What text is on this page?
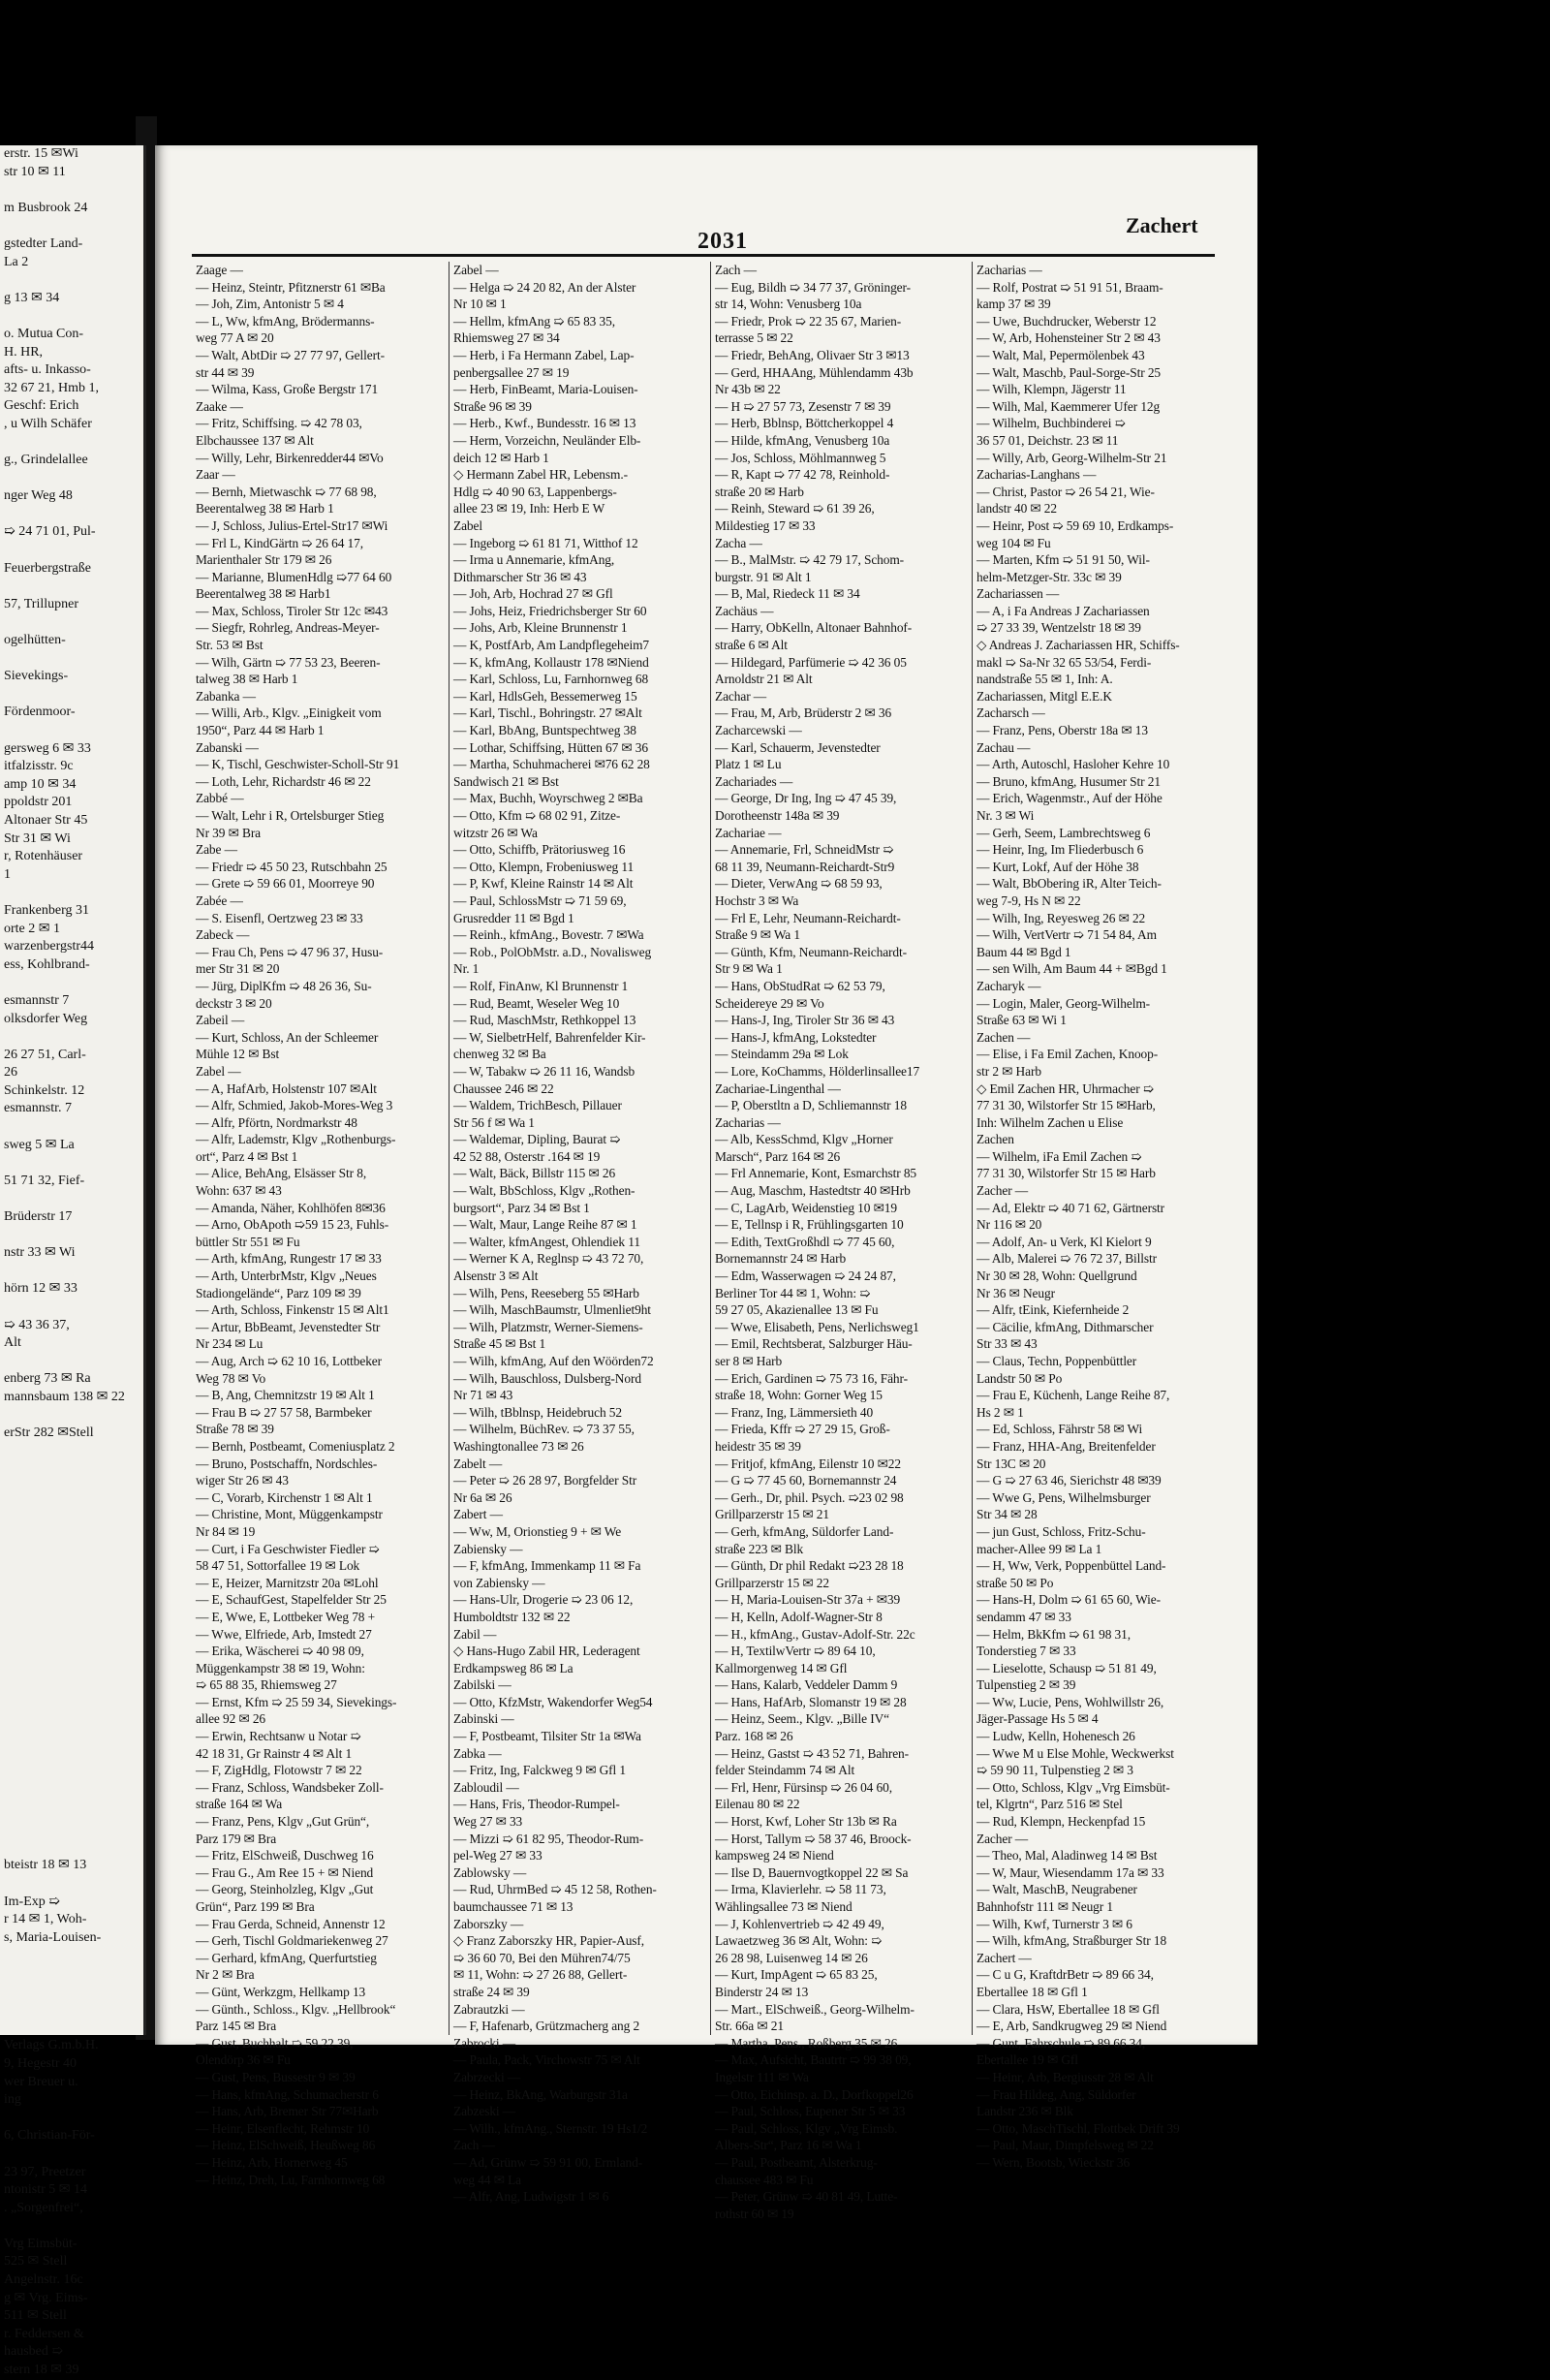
erstr. 15 ✉Wi
str 10 ✉ 11

m Busbrook 24

gstedter Land-
La 2

g 13 ✉ 34

o. Mutua Con-
H. HR,
afts- u. Inkasso-
32 67 21, Hmb 1,
Geschf: Erich
, u Wilh Schäfer

g., Grindelallee

nger Weg 48

➯ 24 71 01, Pul-

Feuerbergstraße

57, Trillupner

ogelhütten-

Sievekings-

Fördenmoor-

gersweg 6 ✉ 33
itfalzisstr. 9c
amp 10 ✉ 34
ppoldstr 201
Altonaer Str 45
Str 31 ✉ Wi
r, Rotenhäuser
1

Frankenberg 31
orte 2 ✉ 1
warzenbergstr44
ess, Kohlbrand-

esmannstr 7
olksdorfer Weg

26 27 51, Carl-
26
Schinkelstr. 12
esmannstr. 7

sweg 5 ✉ La

51 71 32, Fief-

Brüderstr 17

nstr 33 ✉ Wi

hörn 12 ✉ 33

➯ 43 36 37,
Alt

enberg 73 ✉ Ra
mannsbaum 138 ✉ 22

erStr 282 ✉Stell

bteistr 18 ✉ 13

Im-Exp ➯
r 14 ✉ 1, Woh-
s, Maria-Louisen-

Verlags G.m.b.H.
9, Hegestr 40
wer Breuer u.
ing

6, Christian-För-

23 97, Preetzer
ntonistr 5 ✉ 14
. „Sorgenfrei“,

Vrg Eimsbüt-
525 ✉ Stell
Angelnstr. 16c
g ✉ Vrg. Eims-
511 ✉ Stell
r. Feddersen &
hausbed ➯
stern 18 ✉ 39
2031
Zachert
Zaage —
— Heinz, Steintr, Pfitznerstr 61 ✉Ba
— Joh, Zim, Antonistr 5 ✉ 4
— L, Ww, kfmAng, Brödermanns-
weg 77 A ✉ 20
— Walt, AbtDir ➯ 27 77 97, Gellert-
str 44 ✉ 39
— Wilma, Kass, Große Bergstr 171
Zaake —
— Fritz, Schiffsing. ➯ 42 78 03,
Elbchaussee 137 ✉ Alt
— Willy, Lehr, Birkenredder44 ✉Vo
Zaar —
— Bernh, Mietwaschk ➯ 77 68 98,
Beerentalweg 38 ✉ Harb 1
— J, Schloss, Julius-Ertel-Str17 ✉Wi
— Frl L, KindGärtn ➯ 26 64 17,
Marienthaler Str 179 ✉ 26
— Marianne, BlumenHdlg ➯77 64 60
Beerentalweg 38 ✉ Harb1
— Max, Schloss, Tiroler Str 12c ✉43
— Siegfr, Rohrleg, Andreas-Meyer-
Str. 53 ✉ Bst
— Wilh, Gärtn ➯ 77 53 23, Beeren-
talweg 38 ✉ Harb 1
Zabanka —
— Willi, Arb., Klgv. „Einigkeit vom
1950“, Parz 44 ✉ Harb 1
Zabanski —
— K, Tischl, Geschwister-Scholl-Str 91
— Loth, Lehr, Richardstr 46 ✉ 22
Zabbé —
— Walt, Lehr i R, Ortelsburger Stieg
Nr 39 ✉ Bra
Zabe —
— Friedr ➯ 45 50 23, Rutschbahn 25
— Grete ➯ 59 66 01, Moorreye 90
Zabée —
— S. Eisenfl, Oertzweg 23 ✉ 33
Zabeck —
— Frau Ch, Pens ➯ 47 96 37, Husu-
mer Str 31 ✉ 20
— Jürg, DiplKfm ➯ 48 26 36, Su-
deckstr 3 ✉ 20
Zabeil —
— Kurt, Schloss, An der Schleemer
Mühle 12 ✉ Bst
Zabel —
— A, HafArb, Holstenstr 107 ✉Alt
— Alfr, Schmied, Jakob-Mores-Weg 3
— Alfr, Pförtn, Nordmarkstr 48
— Alfr, Lademstr, Klgv „Rothenburgs-
ort“, Parz 4 ✉ Bst 1
— Alice, BehAng, Elsässer Str 8,
Wohn: 637 ✉ 43
— Amanda, Näher, Kohlhöfen 8✉36
— Arno, ObApoth ➯59 15 23, Fuhls-
büttler Str 551 ✉ Fu
— Arth, kfmAng, Rungestr 17 ✉ 33
— Arth, UnterbrMstr, Klgv „Neues
Stadiongelände“, Parz 109 ✉ 39
— Arth, Schloss, Finkenstr 15 ✉ Alt1
— Artur, BbBeamt, Jevenstedter Str
Nr 234 ✉ Lu
— Aug, Arch ➯ 62 10 16, Lottbeker
Weg 78 ✉ Vo
— B, Ang, Chemnitzstr 19 ✉ Alt 1
— Frau B ➯ 27 57 58, Barmbeker
Straße 78 ✉ 39
— Bernh, Postbeamt, Comeniusplatz 2
— Bruno, Postschaffn, Nordschles-
wiger Str 26 ✉ 43
— C, Vorarb, Kirchenstr 1 ✉ Alt 1
— Christine, Mont, Müggenkampstr
Nr 84 ✉ 19
— Curt, i Fa Geschwister Fiedler ➯
58 47 51, Sottorfallee 19 ✉ Lok
— E, Heizer, Marnitzstr 20a ✉Lohl
— E, SchaufGest, Stapelfelder Str 25
— E, Wwe, E, Lottbeker Weg 78 +
— Wwe, Elfriede, Arb, Imstedt 27
— Erika, Wäscherei ➯ 40 98 09,
Müggenkampstr 38 ✉ 19, Wohn:
➯ 65 88 35, Rhiemsweg 27
— Ernst, Kfm ➯ 25 59 34, Sievekings-
allee 92 ✉ 26
— Erwin, Rechtsanw u Notar ➯
42 18 31, Gr Rainstr 4 ✉ Alt 1
— F, ZigHdlg, Flotowstr 7 ✉ 22
— Franz, Schloss, Wandsbeker Zoll-
straße 164 ✉ Wa
— Franz, Pens, Klgv „Gut Grün“,
Parz 179 ✉ Bra
— Fritz, ElSchweiß, Duschweg 16
— Frau G., Am Ree 15 + ✉ Niend
— Georg, Steinholzleg, Klgv „Gut
Grün“, Parz 199 ✉ Bra
— Frau Gerda, Schneid, Annenstr 12
— Gerh, Tischl Goldmariekenweg 27
— Gerhard, kfmAng, Querfurtstieg
Nr 2 ✉ Bra
— Günt, Werkzgm, Hellkamp 13
— Günth., Schloss., Klgv. „Hellbrook“
Parz 145 ✉ Bra
— Gust, Buchhalt ➯ 59 22 39,
Olendörp 36 ✉ Fu
— Gust, Pens, Bussestr 9 ✉ 39
— Hans, kfmAng, Schumacherstr 6
— Hans, Arb, Bremer Str 77✉Harb
— Heinr, Elsenflecht, Rehmstr 10
— Heinz, ElSchweiß, Heußweg 86
— Heinz, Arb, Hornerweg 45
— Heinz, Dreh, Lu, Farnhornweg 68
Zabel —
— Helga ➯ 24 20 82, An der Alster
Nr 10 ✉ 1
— Hellm, kfmAng ➯ 65 83 35,
Rhiemsweg 27 ✉ 34
— Herb, i Fa Hermann Zabel, Lap-
penbergsallee 27 ✉ 19
— Herb, FinBeamt, Maria-Louisen-
Straße 96 ✉ 39
— Herb., Kwf., Bundesstr. 16 ✉ 13
— Herm, Vorzeichn, Neuländer Elb-
deich 12 ✉ Harb 1
◇ Hermann Zabel HR, Lebensm.-
Hdlg ➯ 40 90 63, Lappenbergs-
allee 23 ✉ 19, Inh: Herb E W
Zabel
— Ingeborg ➯ 61 81 71, Witthof 12
— Irma u Annemarie, kfmAng,
Dithmarscher Str 36 ✉ 43
— Joh, Arb, Hochrad 27 ✉ Gfl
— Johs, Heiz, Friedrichsberger Str 60
— Johs, Arb, Kleine Brunnenstr 1
— K, PostfArb, Am Landpflegeheim7
— K, kfmAng, Kollaustr 178 ✉Niend
— Karl, Schloss, Lu, Farnhornweg 68
— Karl, HdlsGeh, Bessemerweg 15
— Karl, Tischl., Bohringstr. 27 ✉Alt
— Karl, BbAng, Buntspechtweg 38
— Lothar, Schiffsing, Hütten 67 ✉ 36
— Martha, Schuhmacherei ✉76 62 28
Sandwisch 21 ✉ Bst
— Max, Buchh, Woyrschweg 2 ✉Ba
— Otto, Kfm ➯ 68 02 91, Zitze-
witzstr 26 ✉ Wa
— Otto, Schiffb, Prätoriusweg 16
— Otto, Klempn, Frobeniusweg 11
— P, Kwf, Kleine Rainstr 14 ✉ Alt
— Paul, SchlossMstr ➯ 71 59 69,
Grusredder 11 ✉ Bgd 1
— Reinh., kfmAng., Bovestr. 7 ✉Wa
— Rob., PolObMstr. a.D., Novalisweg
Nr. 1
— Rolf, FinAnw, Kl Brunnenstr 1
— Rud, Beamt, Weseler Weg 10
— Rud, MaschMstr, Rethkoppel 13
— W, SielbetrHelf, Bahrenfelder Kir-
chenweg 32 ✉ Ba
— W, Tabakw ➯ 26 11 16, Wandsb
Chaussee 246 ✉ 22
— Waldem, TrichBesch, Pillauer
Str 56 f ✉ Wa 1
— Waldemar, Dipling, Baurat ➯
42 52 88, Osterstr .164 ✉ 19
— Walt, Bäck, Billstr 115 ✉ 26
— Walt, BbSchloss, Klgv „Rothen-
burgsort“, Parz 34 ✉ Bst 1
— Walt, Maur, Lange Reihe 87 ✉ 1
— Walter, kfmAngest, Ohlendiek 11
— Werner K A, Reglnsp ➯ 43 72 70,
Alsenstr 3 ✉ Alt
— Wilh, Pens, Reeseberg 55 ✉Harb
— Wilh, MaschBaumstr, Ulmenliet9ht
— Wilh, Platzmstr, Werner-Siemens-
Straße 45 ✉ Bst 1
— Wilh, kfmAng, Auf den Wöörden72
— Wilh, Bauschloss, Dulsberg-Nord
Nr 71 ✉ 43
— Wilh, tBblnsp, Heidebruch 52
— Wilhelm, BüchRev. ➯ 73 37 55,
Washingtonallee 73 ✉ 26
Zabelt —
— Peter ➯ 26 28 97, Borgfelder Str
Nr 6a ✉ 26
Zabert —
— Ww, M, Orionstieg 9 + ✉ We
Zabiensky —
— F, kfmAng, Immenkamp 11 ✉ Fa
von Zabiensky —
— Hans-Ulr, Drogerie ➯ 23 06 12,
Humboldtstr 132 ✉ 22
Zabil —
◇ Hans-Hugo Zabil HR, Lederagent
Erdkampsweg 86 ✉ La
Zabilski —
— Otto, KfzMstr, Wakendorfer Weg54
Zabinski —
— F, Postbeamt, Tilsiter Str 1a ✉Wa
Zabka —
— Fritz, Ing, Falckweg 9 ✉ Gfl 1
Zabloudil —
— Hans, Fris, Theodor-Rumpel-
Weg 27 ✉ 33
— Mizzi ➯ 61 82 95, Theodor-Rum-
pel-Weg 27 ✉ 33
Zablowsky —
— Rud, UhrmBed ➯ 45 12 58, Rothen-
baumchaussee 71 ✉ 13
Zaborszky —
◇ Franz Zaborszky HR, Papier-Ausf,
➯ 36 60 70, Bei den Mühren74/75
✉ 11, Wohn: ➯ 27 26 88, Gellert-
straße 24 ✉ 39
Zabrautzki —
— F, Hafenarb, Grützmacherg ang 2
Zabrocki —
— Paula, Pack, Virchowstr 75 ✉ Alt
Zabrzecki —
— Heinz, BkAng, Warburgstr 31a
Zabzeski —
— Wilh., kfmAng., Sternstr. 19 Hs1/2
Zach —
— Ad, Grünw ➯ 59 91 00, Ermland-
weg 44 ✉ La
— Alfr, Ang, Ludwigstr 1 ✉ 6
Zach —
— Eug, Bildh ➯ 34 77 37, Gröninger-
str 14, Wohn: Venusberg 10a
— Friedr, Prok ➯ 22 35 67, Marien-
terrasse 5 ✉ 22
— Friedr, BehAng, Olivaer Str 3 ✉13
— Gerd, HHAAng, Mühlendamm 43b
Nr 43b ✉ 22
— H ➯ 27 57 73, Zesenstr 7 ✉ 39
— Herb, Bblnsp, Böttcherkoppel 4
— Hilde, kfmAng, Venusberg 10a
— Jos, Schloss, Möhlmannweg 5
— R, Kapt ➯ 77 42 78, Reinhold-
straße 20 ✉ Harb
— Reinh, Steward ➯ 61 39 26,
Mildestieg 17 ✉ 33
Zacha —
— B., MalMstr. ➯ 42 79 17, Schom-
burgstr. 91 ✉ Alt 1
— B, Mal, Riedeck 11 ✉ 34
Zachäus —
— Harry, ObKelln, Altonaer Bahnhof-
straße 6 ✉ Alt
— Hildegard, Parfümerie ➯ 42 36 05
Arnoldstr 21 ✉ Alt
Zachar —
— Frau, M, Arb, Brüderstr 2 ✉ 36
Zacharcewski —
— Karl, Schauerm, Jevenstedter
Platz 1 ✉ Lu
Zachariades —
— George, Dr Ing, Ing ➯ 47 45 39,
Dorotheenstr 148a ✉ 39
Zachariae —
— Annemarie, Frl, SchneidMstr ➯
68 11 39, Neumann-Reichardt-Str9
— Dieter, VerwAng ➯ 68 59 93,
Hochstr 3 ✉ Wa
— Frl E, Lehr, Neumann-Reichardt-
Straße 9 ✉ Wa 1
— Günth, Kfm, Neumann-Reichardt-
Str 9 ✉ Wa 1
— Hans, ObStudRat ➯ 62 53 79,
Scheidereye 29 ✉ Vo
— Hans-J, Ing, Tiroler Str 36 ✉ 43
— Hans-J, kfmAng, Lokstedter
— Steindamm 29a ✉ Lok
— Lore, KoChamms, Hölderlinsallee17
Zachariae-Lingenthal —
— P, Oberstltn a D, Schliemannstr 18
Zacharias —
— Alb, KessSchmd, Klgv „Horner
Marsch“, Parz 164 ✉ 26
— Frl Annemarie, Kont, Esmarchstr 85
— Aug, Maschm, Hastedtstr 40 ✉Hrb
— C, LagArb, Weidenstieg 10 ✉19
— E, Tellnsp i R, Frühlingsgarten 10
— Edith, TextGroßhdl ➯ 77 45 60,
Bornemannstr 24 ✉ Harb
— Edm, Wasserwagen ➯ 24 24 87,
Berliner Tor 44 ✉ 1, Wohn: ➯
59 27 05, Akazienallee 13 ✉ Fu
— Wwe, Elisabeth, Pens, Nerlichsweg1
— Emil, Rechtsberat, Salzburger Häu-
ser 8 ✉ Harb
— Erich, Gardinen ➯ 75 73 16, Fähr-
straße 18, Wohn: Gorner Weg 15
— Franz, Ing, Lämmersieth 40
— Frieda, Kffr ➯ 27 29 15, Groß-
heidestr 35 ✉ 39
— Fritjof, kfmAng, Eilenstr 10 ✉22
— G ➯ 77 45 60, Bornemannstr 24
— Gerh., Dr, phil. Psych. ➯23 02 98
Grillparzerstr 15 ✉ 21
— Gerh, kfmAng, Süldorfer Land-
straße 223 ✉ Blk
— Günth, Dr phil Redakt ➯23 28 18
Grillparzerstr 15 ✉ 22
— H, Maria-Louisen-Str 37a + ✉39
— H, Kelln, Adolf-Wagner-Str 8
— H., kfmAng., Gustav-Adolf-Str. 22c
— H, TextilwVertr ➯ 89 64 10,
Kallmorgenweg 14 ✉ Gfl
— Hans, Kalarb, Veddeler Damm 9
— Hans, HafArb, Slomanstr 19 ✉ 28
— Heinz, Seem., Klgv. „Bille IV“
Parz. 168 ✉ 26
— Heinz, Gastst ➯ 43 52 71, Bahren-
felder Steindamm 74 ✉ Alt
— Frl, Henr, Fürsinsp ➯ 26 04 60,
Eilenau 80 ✉ 22
— Horst, Kwf, Loher Str 13b ✉ Ra
— Horst, Tallym ➯ 58 37 46, Broock-
kampsweg 24 ✉ Niend
— Ilse D, Bauernvogtkoppel 22 ✉ Sa
— Irma, Klavierlehr. ➯ 58 11 73,
Wählingsallee 73 ✉ Niend
— J, Kohlenvertrieb ➯ 42 49 49,
Lawaetzweg 36 ✉ Alt, Wohn: ➯
26 28 98, Luisenweg 14 ✉ 26
— Kurt, ImpAgent ➯ 65 83 25,
Binderstr 24 ✉ 13
— Mart., ElSchweiß., Georg-Wilhelm-
Str. 66a ✉ 21
— Martha, Pens., Roßberg 35 ✉ 26
— Max, Aufsicht, Bautrtr ➯ 99 38 09,
Ingelstr 111 ✉ Wa
— Otto, Eichinsp. a. D., Dorfkoppel26
— Paul, Schloss, Eupener Str 5 ✉ 33
— Paul, Schloss, Klgv „Vrg Eimsb.
Albers-Str“, Parz 16 ✉ Wa 1
— Paul, Postbeamt, Alsterkrug-
chaussee 483 ✉ Fu
— Peter, Grünw ➯ 40 81 49, Lutte-
rothstr 60 ✉ 19
Zacharias —
— Rolf, Postrat ➯ 51 91 51, Braam-
kamp 37 ✉ 39
— Uwe, Buchdrucker, Weberstr 12
— W, Arb, Hohensteiner Str 2 ✉ 43
— Walt, Mal, Pepermölenbek 43
— Walt, Maschb, Paul-Sorge-Str 25
— Wilh, Klempn, Jägerstr 11
— Wilh, Mal, Kaemmerer Ufer 12g
— Wilhelm, Buchbinderei ➯
36 57 01, Deichstr. 23 ✉ 11
— Willy, Arb, Georg-Wilhelm-Str 21
Zacharias-Langhans —
— Christ, Pastor ➯ 26 54 21, Wie-
landstr 40 ✉ 22
— Heinr, Post ➯ 59 69 10, Erdkamps-
weg 104 ✉ Fu
— Marten, Kfm ➯ 51 91 50, Wil-
helm-Metzger-Str. 33c ✉ 39
Zachariassen —
— A, i Fa Andreas J Zachariassen
➯ 27 33 39, Wentzelstr 18 ✉ 39
◇ Andreas J. Zachariassen HR, Schiffs-
makl ➯ Sa-Nr 32 65 53/54, Ferdi-
nandstraße 55 ✉ 1, Inh: A.
Zachariassen, Mitgl E.E.K
Zacharsch —
— Franz, Pens, Oberstr 18a ✉ 13
Zachau —
— Arth, Autoschl, Hasloher Kehre 10
— Bruno, kfmAng, Husumer Str 21
— Erich, Wagenmstr., Auf der Höhe
Nr. 3 ✉ Wi
— Gerh, Seem, Lambrechtsweg 6
— Heinr, Ing, Im Fliederbusch 6
— Kurt, Lokf, Auf der Höhe 38
— Walt, BbObering iR, Alter Teich-
weg 7-9, Hs N ✉ 22
— Wilh, Ing, Reyesweg 26 ✉ 22
— Wilh, VertVertr ➯ 71 54 84, Am
Baum 44 ✉ Bgd 1
— sen Wilh, Am Baum 44 + ✉Bgd 1
Zacharyk —
— Login, Maler, Georg-Wilhelm-
Straße 63 ✉ Wi 1
Zachen —
— Elise, i Fa Emil Zachen, Knoop-
str 2 ✉ Harb
◇ Emil Zachen HR, Uhrmacher ➯
77 31 30, Wilstorfer Str 15 ✉Harb,
Inh: Wilhelm Zachen u Elise
Zachen
— Wilhelm, iFa Emil Zachen ➯
77 31 30, Wilstorfer Str 15 ✉ Harb
Zacher —
— Ad, Elektr ➯ 40 71 62, Gärtnerstr
Nr 116 ✉ 20
— Adolf, An- u Verk, Kl Kielort 9
— Alb, Malerei ➯ 76 72 37, Billstr
Nr 30 ✉ 28, Wohn: Quellgrund
Nr 36 ✉ Neugr
— Alfr, tEink, Kiefernheide 2
— Cäcilie, kfmAng, Dithmarscher
Str 33 ✉ 43
— Claus, Techn, Poppenbüttler
Landstr 50 ✉ Po
— Frau E, Küchenh, Lange Reihe 87,
Hs 2 ✉ 1
— Ed, Schloss, Fährstr 58 ✉ Wi
— Franz, HHA-Ang, Breitenfelder
Str 13C ✉ 20
— G ➯ 27 63 46, Sierichstr 48 ✉39
— Wwe G, Pens, Wilhelmsburger
Str 34 ✉ 28
— jun Gust, Schloss, Fritz-Schu-
macher-Allee 99 ✉ La 1
— H, Ww, Verk, Poppenbüttel Land-
straße 50 ✉ Po
— Hans-H, Dolm ➯ 61 65 60, Wie-
sendamm 47 ✉ 33
— Helm, BkKfm ➯ 61 98 31,
Tonderstieg 7 ✉ 33
— Lieselotte, Schausp ➯ 51 81 49,
Tulpenstieg 2 ✉ 39
— Ww, Lucie, Pens, Wohlwillstr 26,
Jäger-Passage Hs 5 ✉ 4
— Ludw, Kelln, Hohenesch 26
— Wwe M u Else Mohle, Weckwerkst
➯ 59 90 11, Tulpenstieg 2 ✉ 3
— Otto, Schloss, Klgv „Vrg Eimsbüt-
tel, Klgrtn“, Parz 516 ✉ Stel
— Rud, Klempn, Heckenpfad 15
Zacher —
— Theo, Mal, Aladinweg 14 ✉ Bst
— W, Maur, Wiesendamm 17a ✉ 33
— Walt, MaschB, Neugrabener
Bahnhofstr 111 ✉ Neugr 1
— Wilh, Kwf, Turnerstr 3 ✉ 6
— Wilh, kfmAng, Straßburger Str 18
Zachert —
— C u G, KraftdrBetr ➯ 89 66 34,
Ebertallee 18 ✉ Gfl 1
— Clara, HsW, Ebertallee 18 ✉ Gfl
— E, Arb, Sandkrugweg 29 ✉ Niend
— Gunt, Fahrschule ➯ 89 66 34,
Ebertallee 19 ✉ Gfl
— Heinr, Arb, Bergiusstr 28 ✉ Alt
— Frau Hildeg, Ang, Süldorfer
Landstr 236 ✉ Blk
— Otto, MaschTischl, Flottbek Drift 39
— Paul, Maur, Dimpfelsweg ✉ 22
— Wern, Bootsb, Wieckstr 36
